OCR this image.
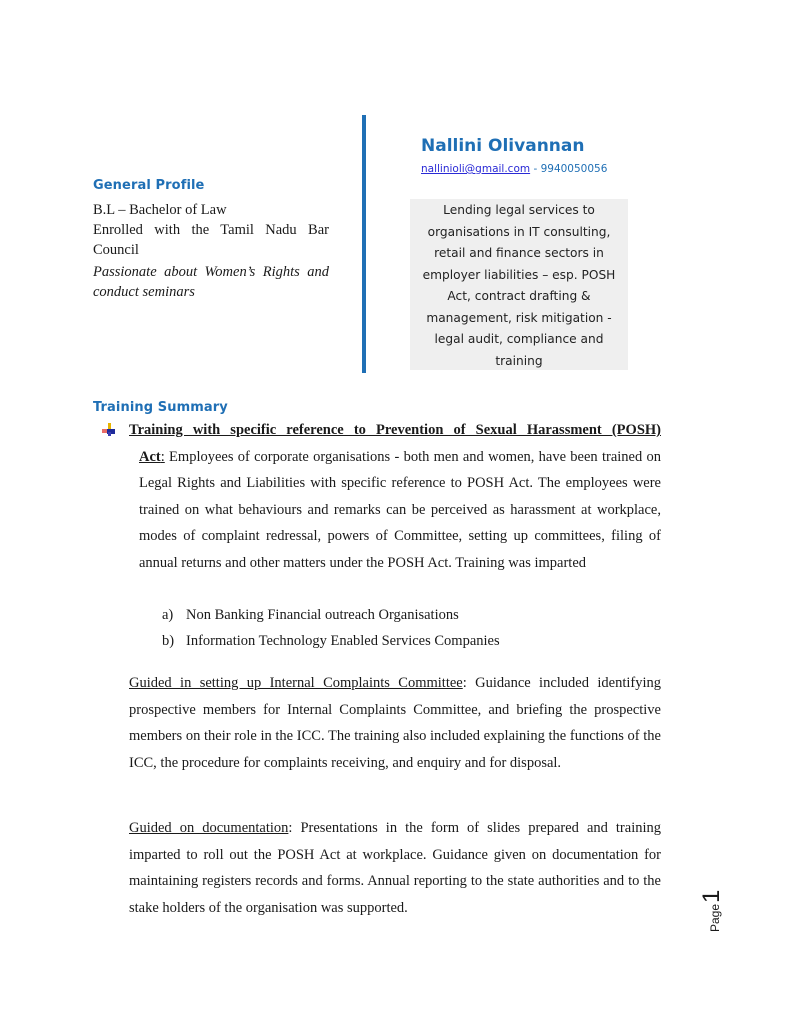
General Profile
B.L – Bachelor of Law
Enrolled with the Tamil Nadu Bar Council
Passionate about Women’s Rights and conduct seminars
Nallini Olivannan
nallinioli@gmail.com - 9940050056
Lending legal services to
organisations in IT consulting,
retail and finance sectors in
employer liabilities – esp. POSH
Act, contract drafting &
management, risk mitigation -
legal audit, compliance and
training
Training Summary
Training with specific reference to Prevention of Sexual Harassment (POSH)
Act: Employees of corporate organisations - both men and women, have been trained on Legal Rights and Liabilities with specific reference to POSH Act. The employees were trained on what behaviours and remarks can be perceived as harassment at workplace, modes of complaint redressal, powers of Committee, setting up committees, filing of annual returns and other matters under the POSH Act. Training was imparted
a) Non Banking Financial outreach Organisations
b) Information Technology Enabled Services Companies
Guided in setting up Internal Complaints Committee: Guidance included identifying prospective members for Internal Complaints Committee, and briefing the prospective members on their role in the ICC. The training also included explaining the functions of the ICC, the procedure for complaints receiving, and enquiry and for disposal.
Guided on documentation: Presentations in the form of slides prepared and training imparted to roll out the POSH Act at workplace. Guidance given on documentation for maintaining registers records and forms. Annual reporting to the state authorities and to the stake holders of the organisation was supported.	Page1
